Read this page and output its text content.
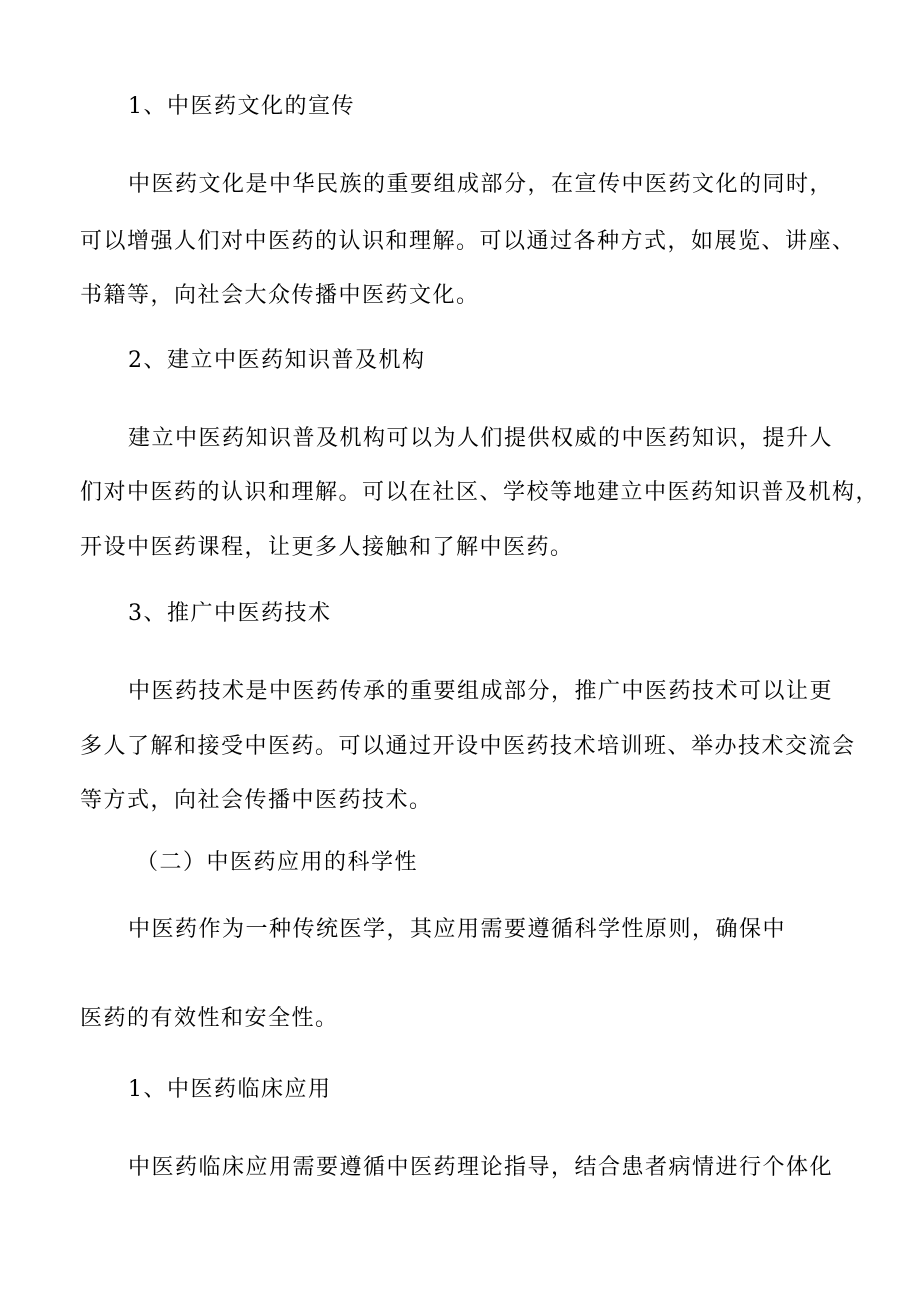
1、中医药文化的宣传
中医药文化是中华民族的重要组成部分，在宣传中医药文化的同时，
可以增强人们对中医药的认识和理解。可以通过各种方式，如展览、讲座、
书籍等，向社会大众传播中医药文化。
2、建立中医药知识普及机构
建立中医药知识普及机构可以为人们提供权威的中医药知识，提升人
们对中医药的认识和理解。可以在社区、学校等地建立中医药知识普及机构，
开设中医药课程，让更多人接触和了解中医药。
3、推广中医药技术
中医药技术是中医药传承的重要组成部分，推广中医药技术可以让更
多人了解和接受中医药。可以通过开设中医药技术培训班、举办技术交流会
等方式，向社会传播中医药技术。
（二）中医药应用的科学性
中医药作为一种传统医学，其应用需要遵循科学性原则，确保中
医药的有效性和安全性。
1、中医药临床应用
中医药临床应用需要遵循中医药理论指导，结合患者病情进行个体化
